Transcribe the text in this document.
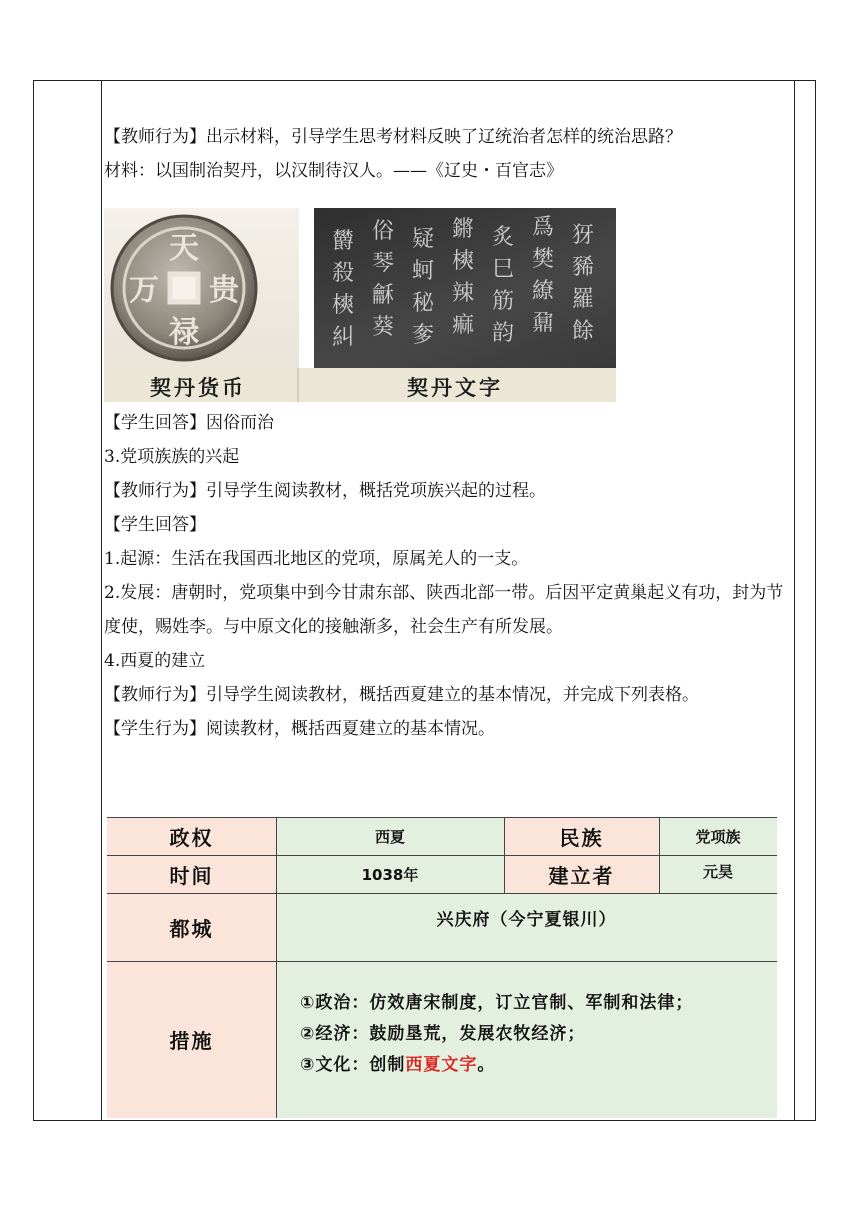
【教师行为】出示材料，引导学生思考材料反映了辽统治者怎样的统治思路？
材料：以国制治契丹，以汉制待汉人。——《辽史・百官志》
天
万 贵
禄
欝
殺
樉
糾
俗
琴
龢
葵
疑
蚵
秘
奓
鏘
樉
辣
痲
炙
巳
筋
韵
爲
樊
繚
鼐
犽
豨
羅
餘
契丹货币	契丹文字
【学生回答】因俗而治
3.党项族族的兴起
【教师行为】引导学生阅读教材，概括党项族兴起的过程。
【学生回答】
1.起源：生活在我国西北地区的党项，原属羌人的一支。
2.发展：唐朝时，党项集中到今甘肃东部、陕西北部一带。后因平定黄巢起义有功，封为节度使，赐姓李。与中原文化的接触渐多，社会生产有所发展。
4.西夏的建立
【教师行为】引导学生阅读教材，概括西夏建立的基本情况，并完成下列表格。
【学生行为】阅读教材，概括西夏建立的基本情况。
政权	西夏	民族	党项族
时间	1038年	建立者	元昊
都城	兴庆府（今宁夏银川）
措施
①政治：仿效唐宋制度，订立官制、军制和法律；
②经济：鼓励垦荒，发展农牧经济；
③文化：创制西夏文字。
